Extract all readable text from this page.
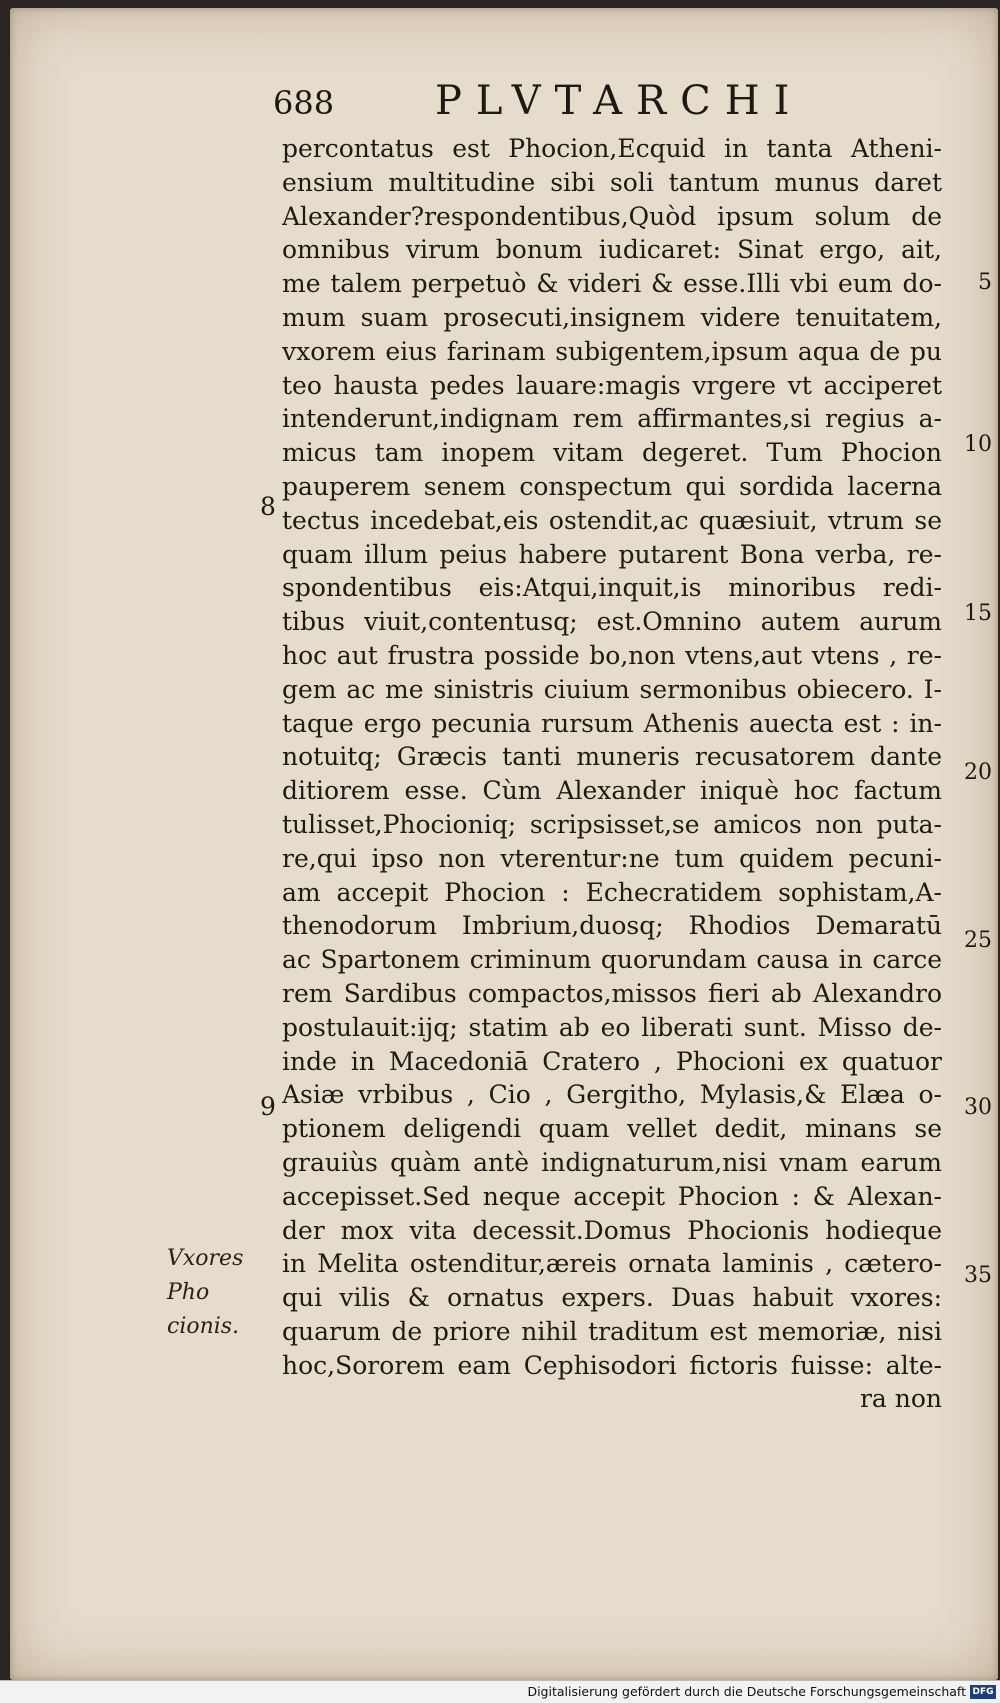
688	PLVTARCHI
percontatus est Phocion,Ecquid in tanta Atheni-
ensium multitudine sibi soli tantum munus daret
Alexander?respondentibus,Quòd ipsum solum de
omnibus virum bonum iudicaret: Sinat ergo, ait,
me talem perpetuò & videri & esse.Illi vbi eum do-
mum suam prosecuti,insignem videre tenuitatem,
vxorem eius farinam subigentem,ipsum aqua de pu
teo hausta pedes lauare:magis vrgere vt acciperet
intenderunt,indignam rem affirmantes,si regius a-
micus tam inopem vitam degeret. Tum Phocion
pauperem senem conspectum qui sordida lacerna
tectus incedebat,eis ostendit,ac quæsiuit, vtrum se
quam illum peius habere putarent Bona verba, re-
spondentibus eis:Atqui,inquit,is minoribus redi-
tibus viuit,contentusq; est.Omnino autem aurum
hoc aut frustra posside bo,non vtens,aut vtens , re-
gem ac me sinistris ciuium sermonibus obiecero. I-
taque ergo pecunia rursum Athenis auecta est : in-
notuitq; Græcis tanti muneris recusatorem dante
ditiorem esse. Cùm Alexander iniquè hoc factum
tulisset,Phocioniq; scripsisset,se amicos non puta-
re,qui ipso non vterentur:ne tum quidem pecuni-
am accepit Phocion : Echecratidem sophistam,A-
thenodorum Imbrium,duosq; Rhodios Demaratū
ac Spartonem criminum quorundam causa in carce
rem Sardibus compactos,missos fieri ab Alexandro
postulauit:ijq; statim ab eo liberati sunt. Misso de-
inde in Macedoniā Cratero , Phocioni ex quatuor
Asiæ vrbibus , Cio , Gergitho, Mylasis,& Elæa o-
ptionem deligendi quam vellet dedit, minans se
grauiùs quàm antè indignaturum,nisi vnam earum
accepisset.Sed neque accepit Phocion : & Alexan-
der mox vita decessit.Domus Phocionis hodieque
in Melita ostenditur,æreis ornata laminis , cætero-
qui vilis & ornatus expers. Duas habuit vxores:
quarum de priore nihil traditum est memoriæ, nisi
hoc,Sororem eam Cephisodori fictoris fuisse: alte-
ra non
5
10
15
20
25
30
35
8
9
Vxores Pho cionis.
Digitalisierung gefördert durch die Deutsche Forschungsgemeinschaft DFG
